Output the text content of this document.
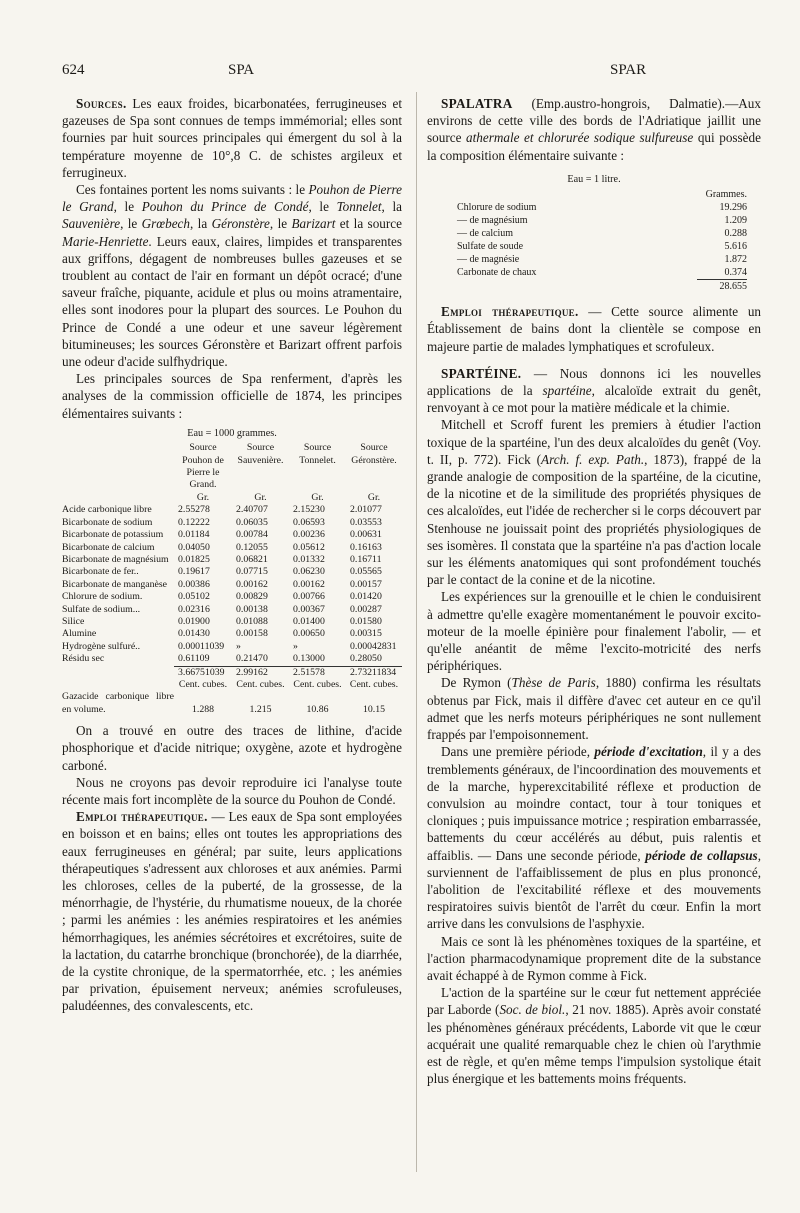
624	SPA	SPAR

Sources. Les eaux froides, bicarbonatées, ferrugineuses et gazeuses de Spa sont connues de temps immémorial; elles sont fournies par huit sources principales qui émergent du sol à la température moyenne de 10°,8 C. de schistes argileux et ferrugineux.

Ces fontaines portent les noms suivants : le Pouhon de Pierre le Grand, le Pouhon du Prince de Condé, le Tonnelet, la Sauvenière, le Grœbech, la Géronstère, le Barizart et la source Marie-Henriette. Leurs eaux, claires, limpides et transparentes aux griffons, dégagent de nombreuses bulles gazeuses et se troublent au contact de l'air en formant un dépôt ocracé; d'une saveur fraîche, piquante, acidule et plus ou moins atramentaire, elles sont inodores pour la plupart des sources. Le Pouhon du Prince de Condé a une odeur et une saveur légèrement bitumineuses; les sources Géronstère et Barizart offrent parfois une odeur d'acide sulfhydrique.

Les principales sources de Spa renferment, d'après les analyses de la commission officielle de 1874, les principes élémentaires suivants :

Eau = 1000 grammes.
	Source Pouhon de Pierre le Grand.	Source Sauvenière.	Source Tonnelet.	Source Géronstère.
	Gr.	Gr.	Gr.	Gr.
Acide carbonique libre	2.55278	2.40707	2.15230	2.01077
Bicarbonate de sodium	0.12222	0.06035	0.06593	0.03553
Bicarbonate de potassium	0.01184	0.00784	0.00236	0.00631
Bicarbonate de calcium	0.04050	0.12055	0.05612	0.16163
Bicarbonate de magnésium	0.01825	0.06821	0.01332	0.16711
Bicarbonate de fer..	0.19617	0.07715	0.06230	0.05565
Bicarbonate de manganèse	0.00386	0.00162	0.00162	0.00157
Chlorure de sodium.	0.05102	0.00829	0.00766	0.01420
Sulfate de sodium...	0.02316	0.00138	0.00367	0.00287
Silice	0.01900	0.01088	0.01400	0.01580
Alumine	0.01430	0.00158	0.00650	0.00315
Hydrogène sulfuré..	0.00011039	»	»	0.00042831
Résidu sec	0.61109	0.21470	0.13000	0.28050
	3.66751039	2.99162	2.51578	2.73211834
	Cent. cubes.	Cent. cubes.	Cent. cubes.	Cent. cubes.
Gazacide carbonique libre en volume.	1.288	1.215	10.86	10.15

On a trouvé en outre des traces de lithine, d'acide phosphorique et d'acide nitrique; oxygène, azote et hydrogène carboné.

Nous ne croyons pas devoir reproduire ici l'analyse toute récente mais fort incomplète de la source du Pouhon de Condé.

Emploi thérapeutique. — Les eaux de Spa sont employées en boisson et en bains; elles ont toutes les appropriations des eaux ferrugineuses en général; par suite, leurs applications thérapeutiques s'adressent aux chloroses et aux anémies. Parmi les chloroses, celles de la puberté, de la grossesse, de la ménorrhagie, de l'hystérie, du rhumatisme noueux, de la chorée ; parmi les anémies : les anémies respiratoires et les anémies hémorrhagiques, les anémies sécrétoires et excrétoires, suite de la lactation, du catarrhe bronchique (bronchorée), de la diarrhée, de la cystite chronique, de la spermatorrhée, etc. ; les anémies par privation, épuisement nerveux; anémies scrofuleuses, paludéennes, des convalescents, etc.

SPALATRA (Emp.austro-hongrois, Dalmatie).—Aux environs de cette ville des bords de l'Adriatique jaillit une source athermale et chlorurée sodique sulfureuse qui possède la composition élémentaire suivante :

Eau = 1 litre.
	Grammes.
Chlorure de sodium	19.296
— de magnésium	1.209
— de calcium	0.288
Sulfate de soude	5.616
— de magnésie	1.872
Carbonate de chaux	0.374
	28.655

Emploi thérapeutique. — Cette source alimente un Établissement de bains dont la clientèle se compose en majeure partie de malades lymphatiques et scrofuleux.

SPARTÉINE. — Nous donnons ici les nouvelles applications de la spartéine, alcaloïde extrait du genêt, renvoyant à ce mot pour la matière médicale et la chimie.

Mitchell et Scroff furent les premiers à étudier l'action toxique de la spartéine, l'un des deux alcaloïdes du genêt (Voy. t. II, p. 772). Fick (Arch. f. exp. Path., 1873), frappé de la grande analogie de composition de la spartéine, de la cicutine, de la nicotine et de la similitude des propriétés physiques de ces alcaloïdes, eut l'idée de rechercher si le corps découvert par Stenhouse ne jouissait point des propriétés physiologiques de ses isomères. Il constata que la spartéine n'a pas d'action locale sur les éléments anatomiques qui sont profondément touchés par le contact de la conine et de la nicotine.

Les expériences sur la grenouille et le chien le conduisirent à admettre qu'elle exagère momentanément le pouvoir excito-moteur de la moelle épinière pour finalement l'abolir, — et qu'elle anéantit de même l'excito-motricité des nerfs périphériques.

De Rymon (Thèse de Paris, 1880) confirma les résultats obtenus par Fick, mais il diffère d'avec cet auteur en ce qu'il admet que les nerfs moteurs périphériques ne sont nullement frappés par l'empoisonnement.

Dans une première période, période d'excitation, il y a des tremblements généraux, de l'incoordination des mouvements et de la marche, hyperexcitabilité réflexe et production de convulsion au moindre contact, tour à tour toniques et cloniques ; puis impuissance motrice ; respiration embarrassée, battements du cœur accélérés au début, puis ralentis et affaiblis. — Dans une seconde période, période de collapsus, surviennent de l'affaiblissement de plus en plus prononcé, l'abolition de l'excitabilité réflexe et des mouvements respiratoires suivis bientôt de l'arrêt du cœur. Enfin la mort arrive dans les convulsions de l'asphyxie.

Mais ce sont là les phénomènes toxiques de la spartéine, et l'action pharmacodynamique proprement dite de la substance avait échappé à de Rymon comme à Fick.

L'action de la spartéine sur le cœur fut nettement appréciée par Laborde (Soc. de biol., 21 nov. 1885). Après avoir constaté les phénomènes généraux précédents, Laborde vit que le cœur acquérait une qualité remarquable chez le chien où l'arythmie est de règle, et qu'en même temps l'impulsion systolique était plus énergique et les battements moins fréquents.
